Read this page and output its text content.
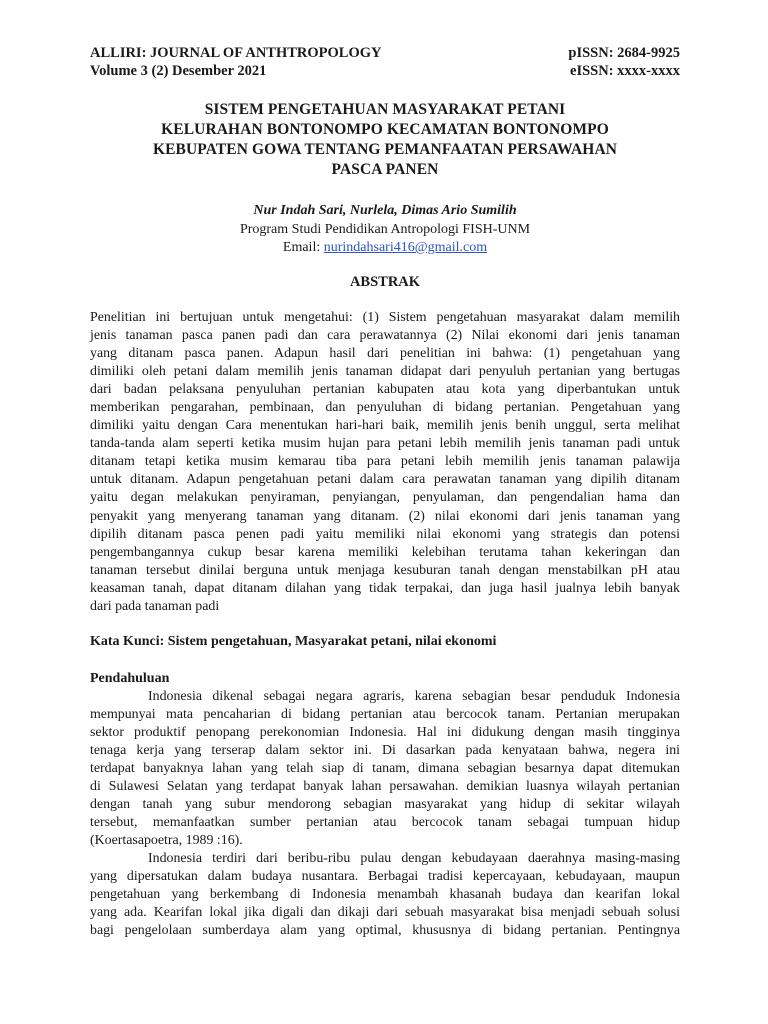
ALLIRI: JOURNAL OF ANTHTROPOLOGY
Volume 3 (2) Desember 2021
pISSN: 2684-9925
eISSN: xxxx-xxxx
SISTEM PENGETAHUAN MASYARAKAT PETANI
KELURAHAN BONTONOMPO KECAMATAN BONTONOMPO
KEBUPATEN GOWA TENTANG PEMANFAATAN PERSAWAHAN
PASCA PANEN
Nur Indah Sari, Nurlela, Dimas Ario Sumilih
Program Studi Pendidikan Antropologi FISH-UNM
Email: nurindahsari416@gmail.com
ABSTRAK
Penelitian ini bertujuan untuk mengetahui: (1) Sistem pengetahuan masyarakat dalam memilih
jenis tanaman pasca panen padi dan cara perawatannya (2) Nilai ekonomi dari jenis tanaman
yang ditanam pasca panen. Adapun hasil dari penelitian ini bahwa: (1) pengetahuan yang
dimiliki oleh petani dalam memilih jenis tanaman didapat dari penyuluh pertanian yang bertugas
dari badan pelaksana penyuluhan pertanian kabupaten atau kota yang diperbantukan untuk
memberikan pengarahan, pembinaan, dan penyuluhan di bidang pertanian. Pengetahuan yang
dimiliki yaitu dengan Cara menentukan hari-hari baik, memilih jenis benih unggul, serta melihat
tanda-tanda alam seperti ketika musim hujan para petani lebih memilih jenis tanaman padi untuk
ditanam tetapi ketika musim kemarau tiba para petani lebih memilih jenis tanaman palawija
untuk ditanam. Adapun pengetahuan petani dalam cara perawatan tanaman yang dipilih ditanam
yaitu degan melakukan penyiraman, penyiangan, penyulaman, dan pengendalian hama dan
penyakit yang menyerang tanaman yang ditanam. (2) nilai ekonomi dari jenis tanaman yang
dipilih ditanam pasca penen padi yaitu memiliki nilai ekonomi yang strategis dan potensi
pengembangannya cukup besar karena memiliki kelebihan terutama tahan kekeringan dan
tanaman tersebut dinilai berguna untuk menjaga kesuburan tanah dengan menstabilkan pH atau
keasaman tanah, dapat ditanam dilahan yang tidak terpakai, dan juga hasil jualnya lebih banyak
dari pada tanaman padi
Kata Kunci: Sistem pengetahuan, Masyarakat petani, nilai ekonomi
Pendahuluan
Indonesia dikenal sebagai negara agraris, karena sebagian besar penduduk Indonesia
mempunyai mata pencaharian di bidang pertanian atau bercocok tanam. Pertanian merupakan
sektor produktif penopang perekonomian Indonesia. Hal ini didukung dengan masih tingginya
tenaga kerja yang terserap dalam sektor ini. Di dasarkan pada kenyataan bahwa, negera ini
terdapat banyaknya lahan yang telah siap di tanam, dimana sebagian besarnya dapat ditemukan
di Sulawesi Selatan yang terdapat banyak lahan persawahan. demikian luasnya wilayah pertanian
dengan tanah yang subur mendorong sebagian masyarakat yang hidup di sekitar wilayah
tersebut, memanfaatkan sumber pertanian atau bercocok tanam sebagai tumpuan hidup
(Koertasapoetra, 1989 :16).
Indonesia terdiri dari beribu-ribu pulau dengan kebudayaan daerahnya masing-masing
yang dipersatukan dalam budaya nusantara. Berbagai tradisi kepercayaan, kebudayaan, maupun
pengetahuan yang berkembang di Indonesia menambah khasanah budaya dan kearifan lokal
yang ada. Kearifan lokal jika digali dan dikaji dari sebuah masyarakat bisa menjadi sebuah solusi
bagi pengelolaan sumberdaya alam yang optimal, khususnya di bidang pertanian. Pentingnya
